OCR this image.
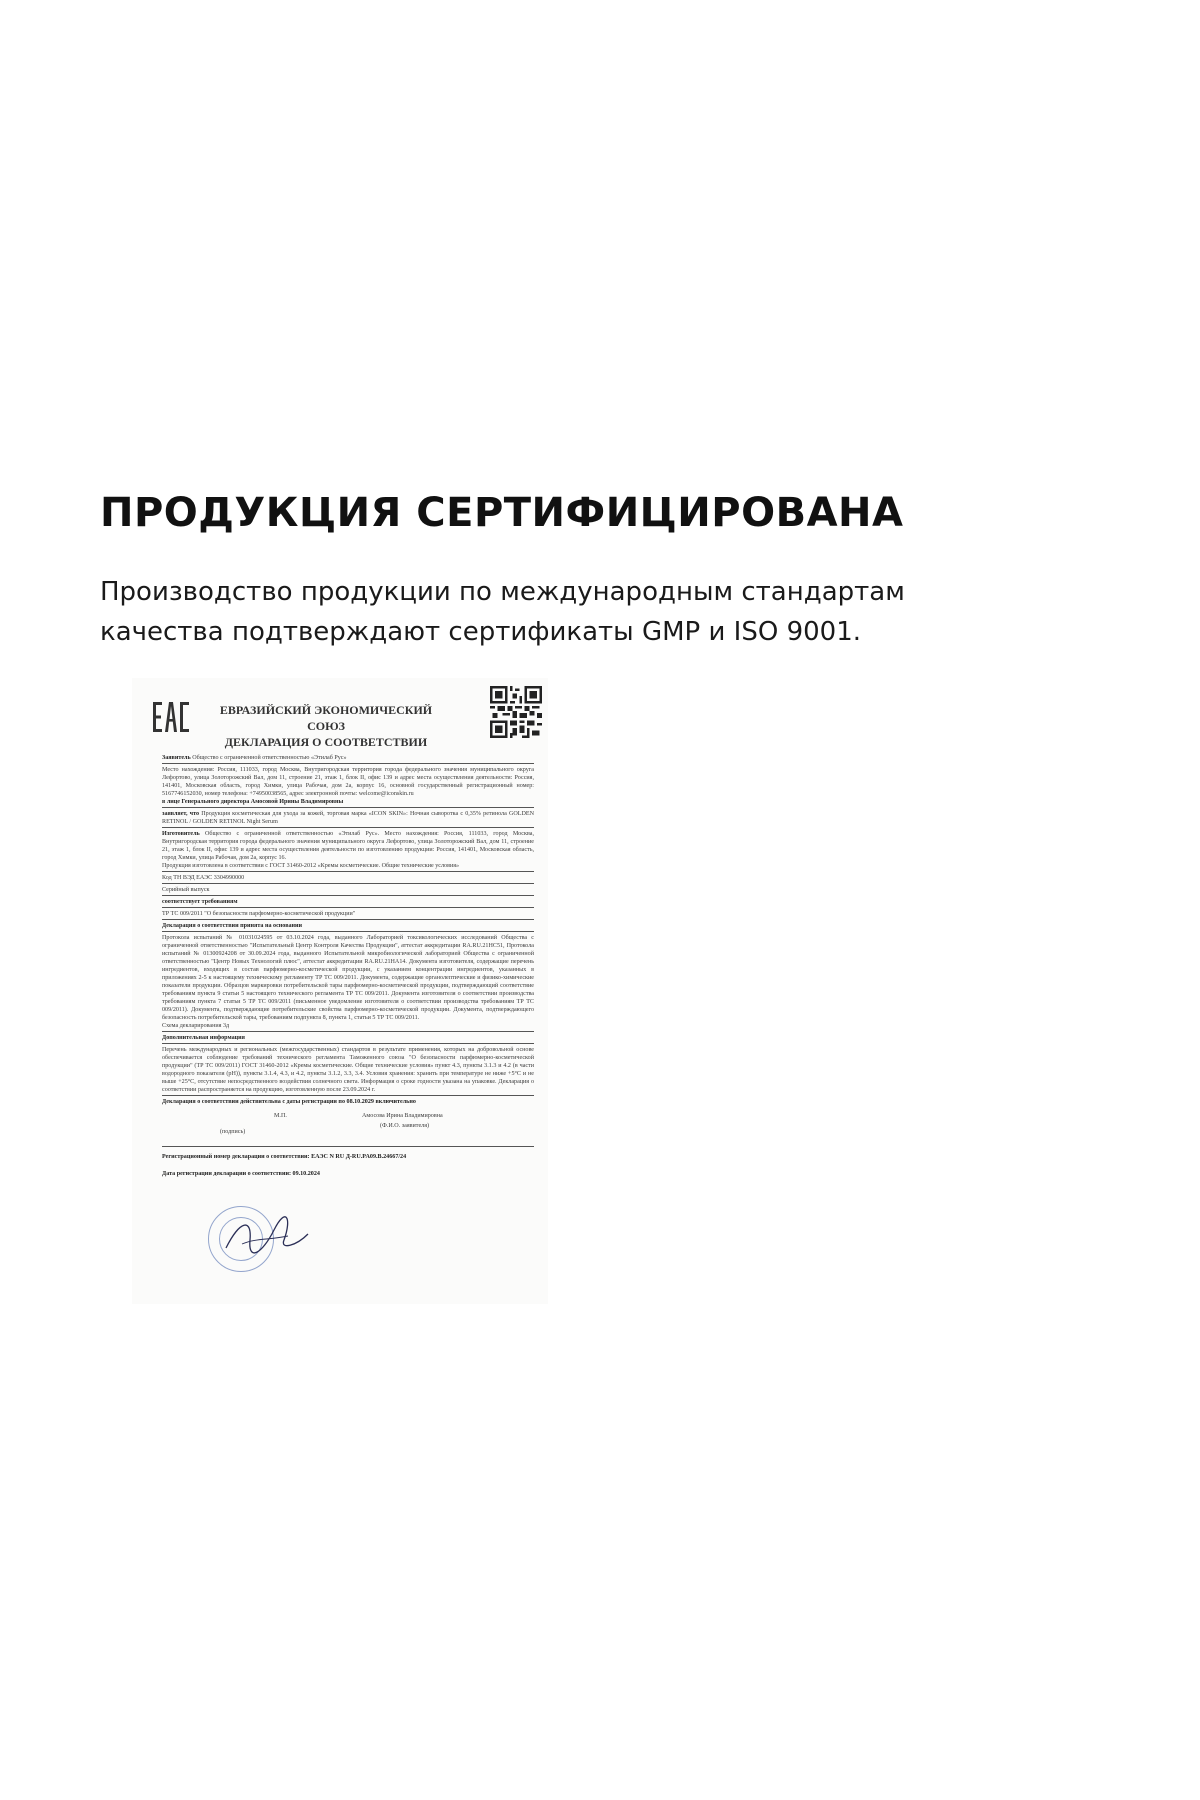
ПРОДУКЦИЯ СЕРТИФИЦИРОВАНА

Производство продукции по международным стандартам
качества подтверждают сертификаты GMP и ISO 9001.

ЕВРАЗИЙСКИЙ ЭКОНОМИЧЕСКИЙ СОЮЗ
ДЕКЛАРАЦИЯ О СООТВЕТСТВИИ

Заявитель Общество с ограниченной ответственностью «Этилаб Рус»

Место нахождения: Россия, 111033, город Москва, Внутригородская территория города федерального значения муниципального округа Лефортово, улица Золоторожский Вал, дом 11, строение 21, этаж 1, блок II, офис 139 и адрес места осуществления деятельности: Россия, 141401, Московская область, город Химки, улица Рабочая, дом 2а, корпус 16, основной государственный регистрационный номер: 5167746152030, номер телефона: +74950038565, адрес электронной почты: welcome@iconskin.ru

в лице Генерального директора Амосовой Ирины Владимировны

заявляет, что Продукция косметическая для ухода за кожей, торговая марка «ICON SKIN»: Ночная сыворотка с 0,35% ретинола GOLDEN RETINOL / GOLDEN RETINOL Night Serum

Изготовитель Общество с ограниченной ответственностью «Этилаб Рус». Место нахождения: Россия, 111033, город Москва, Внутригородская территория города федерального значения муниципального округа Лефортово, улица Золоторожский Вал, дом 11, строение 21, этаж 1, блок II, офис 139 и адрес места осуществления деятельности по изготовлению продукции: Россия, 141401, Московская область, город Химки, улица Рабочая, дом 2а, корпус 16.

Продукция изготовлена в соответствии с ГОСТ 31460-2012 «Кремы косметические. Общие технические условия»

Код ТН ВЭД ЕАЭС 3304990000

Серийный выпуск

соответствует требованиям

ТР ТС 009/2011 "О безопасности парфюмерно-косметической продукции"

Декларация о соответствии принята на основании

Протокола испытаний № 01031024595 от 03.10.2024 года, выданного Лабораторией токсикологических исследований Общества с ограниченной ответственностью "Испытательный Центр Контроля Качества Продукции", аттестат аккредитации RA.RU.21HC51, Протокола испытаний № 01300924208 от 30.09.2024 года, выданного Испытательной микробиологической лабораторией Общества с ограниченной ответственностью "Центр Новых Технологий плюс", аттестат аккредитации RA.RU.21HA14. Документа изготовителя, содержащие перечень ингредиентов, входящих в состав парфюмерно-косметической продукции, с указанием концентрации ингредиентов, указанных в приложениях 2-5 к настоящему техническому регламенту ТР ТС 009/2011. Документа, содержащие органолептические и физико-химические показатели продукции. Образцов маркировки потребительской тары парфюмерно-косметической продукции, подтверждающий соответствие требованиям пункта 9 статьи 5 настоящего технического регламента ТР ТС 009/2011. Документа изготовителя о соответствии производства требованиям пункта 7 статьи 5 ТР ТС 009/2011 (письменное уведомление изготовителя о соответствии производства требованиям ТР ТС 009/2011). Документа, подтверждающие потребительские свойства парфюмерно-косметической продукции. Документа, подтверждающего безопасность потребительской тары, требованиям подпункта 8, пункта 1, статьи 5 ТР ТС 009/2011.

Схема декларирования 3д

Дополнительная информация

Перечень международных и региональных (межгосударственных) стандартов в результате применения, которых на добровольной основе обеспечивается соблюдение требований технического регламента Таможенного союза "О безопасности парфюмерно-косметической продукции" (ТР ТС 009/2011) ГОСТ 31460-2012 «Кремы косметические. Общие технические условия» пункт 4.3, пункты 3.1.3 и 4.2 (в части водородного показателя (pH)), пункты 3.1.4, 4.3, и 4.2, пункты 3.1.2, 3.3, 3.4. Условия хранения: хранить при температуре не ниже +5°С и не выше +25°С, отсутствие непосредственного воздействия солнечного света. Информация о сроке годности указана на упаковке. Декларация о соответствии распространяется на продукцию, изготовленную после 23.09.2024 г.

Декларация о соответствии действительна с даты регистрации по 08.10.2029 включительно

М.П.
(подпись)
Амосова Ирина Владимировна
(Ф.И.О. заявителя)

Регистрационный номер декларации о соответствии: ЕАЭС N RU Д-RU.PA09.В.24667/24

Дата регистрации декларации о соответствии: 09.10.2024
